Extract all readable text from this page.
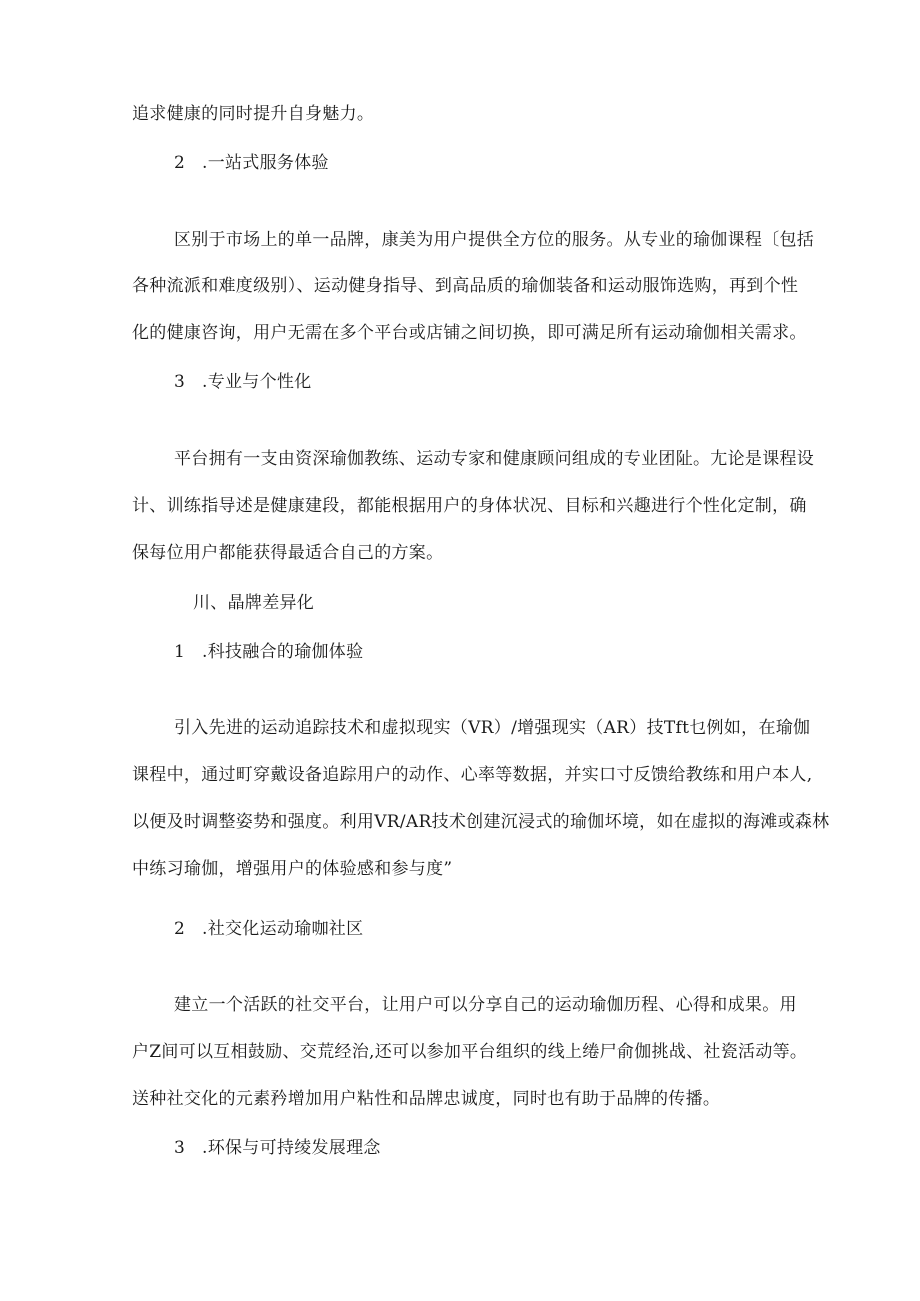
追求健康的同时提升自身魅力。
2 .一站式服务体验
区别于市场上的单一品牌，康美为用户提供全方位的服务。从专业的瑜伽课程〔包括
各种流派和难度级别）、运动健身指导、到高品质的瑜伽装备和运动服饰选购，再到个性
化的健康咨询，用户无需在多个平台或店铺之间切换，即可满足所有运动瑜伽相关需求。
3 .专业与个性化
平台拥有一支由资深瑜伽教练、运动专家和健康顾问组成的专业团阯。尢论是课程设
计、训练指导述是健康建段，都能根据用户的身体状况、目标和兴趣进行个性化定制，确
保每位用户都能获得最适合自己的方案。
川、晶牌差异化
1 .科技融合的瑜伽体验
引入先进的运动追踪技术和虚拟现实（VR）/增强现实（AR）技Tft乜例如，在瑜伽
课程中，通过町穿戴设备追踪用户的动作、心率等数据，并实口寸反馈给教练和用户本人,
以便及时调整姿势和强度。利用VR/AR技术创建沉浸式的瑜伽坏境，如在虚拟的海滩或森林
中练习瑜伽，增强用户的体验感和参与度”
2 .社交化运动瑜咖社区
建立一个活跃的社交平台，让用户可以分享自己的运动瑜伽历程、心得和成果。用
户Z间可以互相鼓励、交荒经治,还可以参加平台组织的线上绻尸俞伽挑战、社瓷活动等。
送种社交化的元素矜增加用户粘性和品牌忠诚度，同时也有助于品牌的传播。
3 .环保与可持绫发展理念
